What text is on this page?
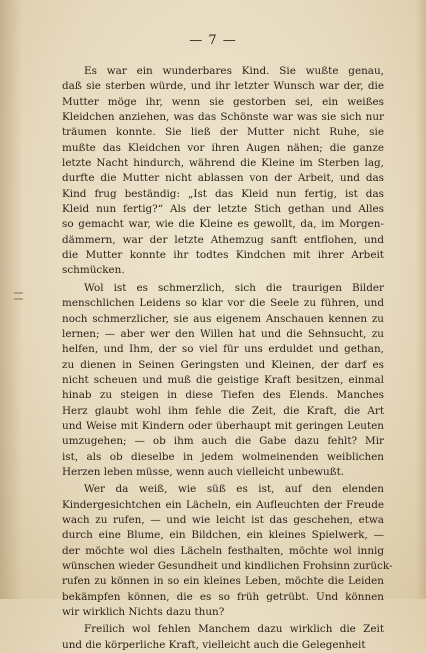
— 7 —
Es war ein wunderbares Kind. Sie wußte genau,
daß sie sterben würde, und ihr letzter Wunsch war der, die
Mutter möge ihr, wenn sie gestorben sei, ein weißes
Kleidchen anziehen, was das Schönste war was sie sich nur
träumen konnte. Sie ließ der Mutter nicht Ruhe, sie
mußte das Kleidchen vor ihren Augen nähen; die ganze
letzte Nacht hindurch, während die Kleine im Sterben lag,
durfte die Mutter nicht ablassen von der Arbeit, und das
Kind frug beständig: „Ist das Kleid nun fertig, ist das
Kleid nun fertig?“ Als der letzte Stich gethan und Alles
so gemacht war, wie die Kleine es gewollt, da, im Morgen-
dämmern, war der letzte Athemzug sanft entflohen, und
die Mutter konnte ihr todtes Kindchen mit ihrer Arbeit
schmücken.
Wol ist es schmerzlich, sich die traurigen Bilder
menschlichen Leidens so klar vor die Seele zu führen, und
noch schmerzlicher, sie aus eigenem Anschauen kennen zu
lernen; — aber wer den Willen hat und die Sehnsucht, zu
helfen, und Ihm, der so viel für uns erduldet und gethan,
zu dienen in Seinen Geringsten und Kleinen, der darf es
nicht scheuen und muß die geistige Kraft besitzen, einmal
hinab zu steigen in diese Tiefen des Elends. Manches
Herz glaubt wohl ihm fehle die Zeit, die Kraft, die Art
und Weise mit Kindern oder überhaupt mit geringen Leuten
umzugehen; — ob ihm auch die Gabe dazu fehlt? Mir
ist, als ob dieselbe in jedem wolmeinenden weiblichen
Herzen leben müsse, wenn auch vielleicht unbewußt.
Wer da weiß, wie süß es ist, auf den elenden
Kindergesichtchen ein Lächeln, ein Aufleuchten der Freude
wach zu rufen, — und wie leicht ist das geschehen, etwa
durch eine Blume, ein Bildchen, ein kleines Spielwerk, —
der möchte wol dies Lächeln festhalten, möchte wol innig
wünschen wieder Gesundheit und kindlichen Frohsinn zurück-
rufen zu können in so ein kleines Leben, möchte die Leiden
bekämpfen können, die es so früh getrübt. Und können
wir wirklich Nichts dazu thun?
Freilich wol fehlen Manchem dazu wirklich die Zeit
und die körperliche Kraft, vielleicht auch die Gelegenheit
